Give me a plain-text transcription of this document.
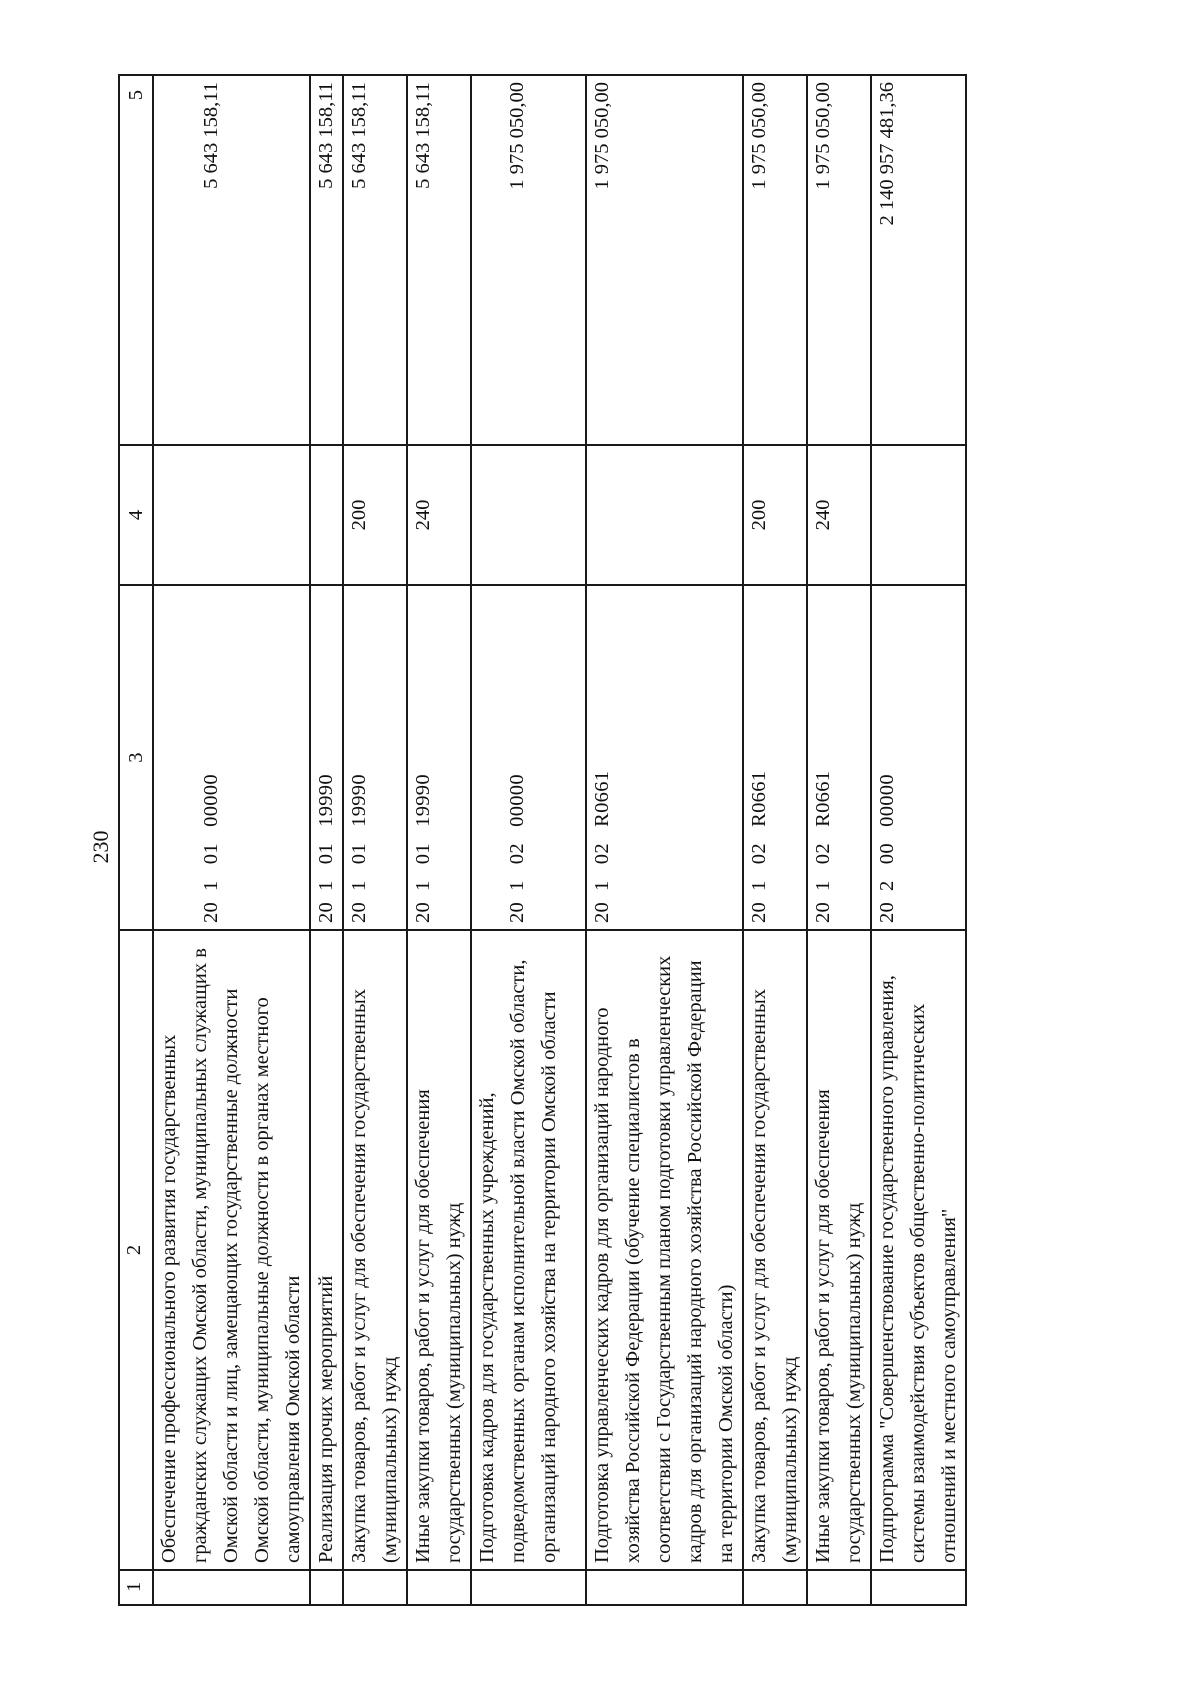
230
1	2	3	4	5
	Обеспечение профессионального развития государственных гражданских служащих Омской области, муниципальных служащих в Омской области и лиц, замещающих государственные должности Омской области, муниципальные должности в органах местного самоуправления Омской области	20  1   01   00000		5 643 158,11
	Реализация прочих мероприятий	20  1   01   19990		5 643 158,11
	Закупка товаров, работ и услуг для обеспечения государственных (муниципальных) нужд	20  1   01   19990	200	5 643 158,11
	Иные закупки товаров, работ и услуг для обеспечения государственных (муниципальных) нужд	20  1   01   19990	240	5 643 158,11
	Подготовка кадров для государственных учреждений, подведомственных органам исполнительной власти Омской области, организаций народного хозяйства на территории Омской области	20  1   02   00000		1 975 050,00
	Подготовка управленческих кадров для организаций народного хозяйства Российской Федерации (обучение специалистов в соответствии с Государственным планом подготовки управленческих кадров для организаций народного хозяйства Российской Федерации на территории Омской области)	20  1   02   R0661		1 975 050,00
	Закупка товаров, работ и услуг для обеспечения государственных (муниципальных) нужд	20  1   02   R0661	200	1 975 050,00
	Иные закупки товаров, работ и услуг для обеспечения государственных (муниципальных) нужд	20  1   02   R0661	240	1 975 050,00
	Подпрограмма "Совершенствование государственного управления, системы взаимодействия субъектов общественно-политических отношений и местного самоуправления"	20  2   00   00000		2 140 957 481,36
